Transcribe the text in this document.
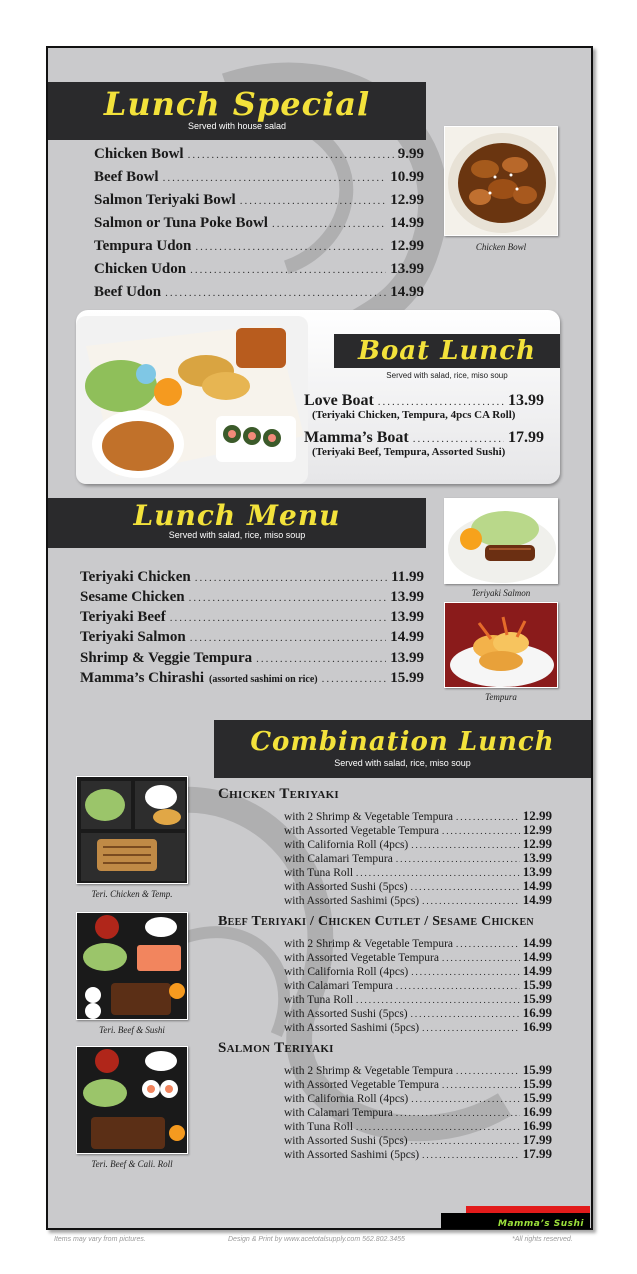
Lunch Special
Served with house salad
Chicken Bowl .....	9.99
Beef Bowl .....	10.99
Salmon Teriyaki Bowl .....	12.99
Salmon or Tuna Poke Bowl .....	14.99
Tempura Udon .....	12.99
Chicken Udon .....	13.99
Beef Udon .....	14.99
Chicken Bowl
Boat Lunch
Served with salad, rice, miso soup
Love Boat .....	13.99
(Teriyaki Chicken, Tempura, 4pcs CA Roll)
Mamma’s Boat .....	17.99
(Teriyaki Beef, Tempura, Assorted Sushi)
Lunch Menu
Served with salad, rice, miso soup
Teriyaki Chicken .....	11.99
Sesame Chicken .....	13.99
Teriyaki Beef .....	13.99
Teriyaki Salmon .....	14.99
Shrimp & Veggie Tempura .....	13.99
Mamma’s Chirashi (assorted sashimi on rice) .....	15.99
Teriyaki Salmon
Tempura
Combination Lunch
Served with salad, rice, miso soup
Teri. Chicken & Temp.
Teri. Beef & Sushi
Teri. Beef & Cali. Roll
Chicken Teriyaki
with 2 Shrimp & Vegetable Tempura .....	12.99
with Assorted Vegetable Tempura .....	12.99
with California Roll (4pcs) .....	12.99
with Calamari Tempura .....	13.99
with Tuna Roll .....	13.99
with Assorted Sushi (5pcs) .....	14.99
with Assorted Sashimi (5pcs) .....	14.99
Beef Teriyaki / Chicken Cutlet / Sesame Chicken
with 2 Shrimp & Vegetable Tempura .....	14.99
with Assorted Vegetable Tempura .....	14.99
with California Roll (4pcs) .....	14.99
with Calamari Tempura .....	15.99
with Tuna Roll .....	15.99
with Assorted Sushi (5pcs) .....	16.99
with Assorted Sashimi (5pcs) .....	16.99
Salmon Teriyaki
with 2 Shrimp & Vegetable Tempura .....	15.99
with Assorted Vegetable Tempura .....	15.99
with California Roll (4pcs) .....	15.99
with Calamari Tempura .....	16.99
with Tuna Roll .....	16.99
with Assorted Sushi (5pcs) .....	17.99
with Assorted Sashimi (5pcs) .....	17.99
Mamma’s Sushi
Items may vary from pictures.	Design & Print by www.acetotalsupply.com 562.802.3455	*All rights reserved.
